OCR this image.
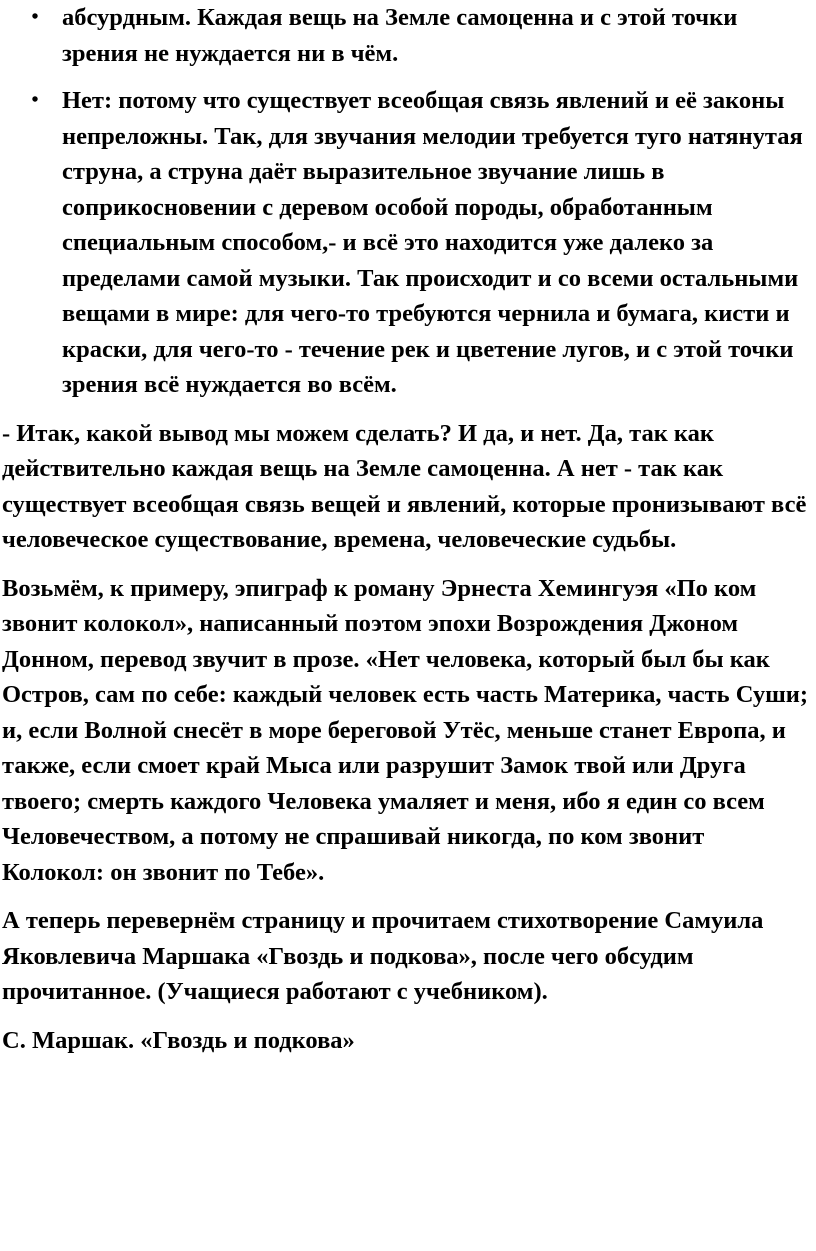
• абсурдным. Каждая вещь на Земле самоценна и с этой точки зрения не нуждается ни в чём.
• Нет: потому что существует всеобщая связь явлений и её законы непреложны. Так, для звучания мелодии требуется туго натянутая струна, а струна даёт выразительное звучание лишь в соприкосновении с деревом особой породы, обработанным специальным способом,- и всё это находится уже далеко за пределами самой музыки. Так происходит и со всеми остальными вещами в мире: для чего-то требуются чернила и бумага, кисти и краски, для чего-то - течение рек и цветение лугов, и с этой точки зрения всё нуждается во всём.

- Итак, какой вывод мы можем сделать? И да, и нет. Да, так как действительно каждая вещь на Земле самоценна. А нет - так как существует всеобщая связь вещей и явлений, которые пронизывают всё человеческое существование, времена, человеческие судьбы.

Возьмём, к примеру, эпиграф к роману Эрнеста Хемингуэя «По ком звонит колокол», написанный поэтом эпохи Возрождения Джоном Донном, перевод звучит в прозе. «Нет человека, который был бы как Остров, сам по себе: каждый человек есть часть Материка, часть Суши; и, если Волной снесёт в море береговой Утёс, меньше станет Европа, и также, если смоет край Мыса или разрушит Замок твой или Друга твоего; смерть каждого Человека умаляет и меня, ибо я един со всем Человечеством, а потому не спрашивай никогда, по ком звонит Колокол: он звонит по Тебе».

А теперь перевернём страницу и прочитаем стихотворение Самуила Яковлевича Маршака «Гвоздь и подкова», после чего обсудим прочитанное. (Учащиеся работают с учебником).

С. Маршак. «Гвоздь и подкова»
